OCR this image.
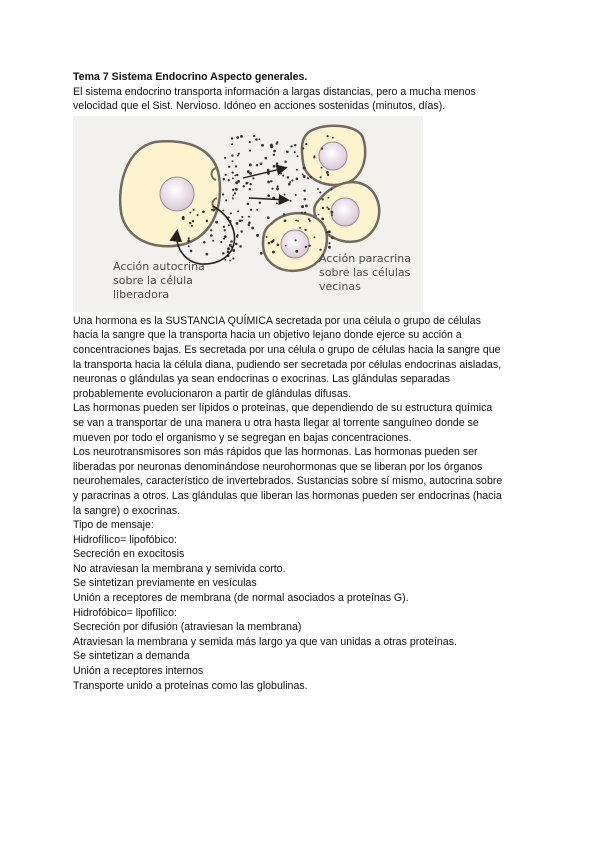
Tema 7 Sistema Endocrino Aspecto generales.

El sistema endocrino transporta información a largas distancias, pero a mucha menos velocidad que el Sist. Nervioso. Idóneo en acciones sostenidas (minutos, días).

Acción autocrina
sobre la célula
liberadora
Acción paracrina
sobre las células
vecinas

Una hormona es la SUSTANCIA QUÍMICA secretada por una célula o grupo de células hacia la sangre que la transporta hacia un objetivo lejano donde ejerce su acción a concentraciones bajas. Es secretada por una célula o grupo de células hacia la sangre que la transporta hacia la célula diana, pudiendo ser secretada por células endocrinas aisladas, neuronas o glándulas ya sean endocrinas o exocrinas. Las glándulas separadas probablemente evolucionaron a partir de glándulas difusas.

Las hormonas pueden ser lípidos o proteínas, que dependiendo de su estructura química se van a transportar de una manera u otra hasta llegar al torrente sanguíneo donde se mueven por todo el organismo y se segregan en bajas concentraciones.

Los neurotransmisores son más rápidos que las hormonas. Las hormonas pueden ser liberadas por neuronas denominándose neurohormonas que se liberan por los órganos neurohemales, característico de invertebrados. Sustancias sobre sí mismo, autocrina sobre y paracrinas a otros. Las glándulas que liberan las hormonas pueden ser endocrinas (hacia la sangre) o exocrinas.

Tipo de mensaje:

Hidrofílico= lipofóbico:

Secreción en exocitosis

No atraviesan la membrana y semivida corto.

Se sintetizan previamente en vesículas

Unión a receptores de membrana (de normal asociados a proteínas G).

Hidrofóbico= lipofílico:

Secreción por difusión (atraviesan la membrana)

Atraviesan la membrana y semida más largo ya que van unidas a otras proteínas.

Se sintetizan a demanda

Unión a receptores internos

Transporte unido a proteínas como las globulinas.
